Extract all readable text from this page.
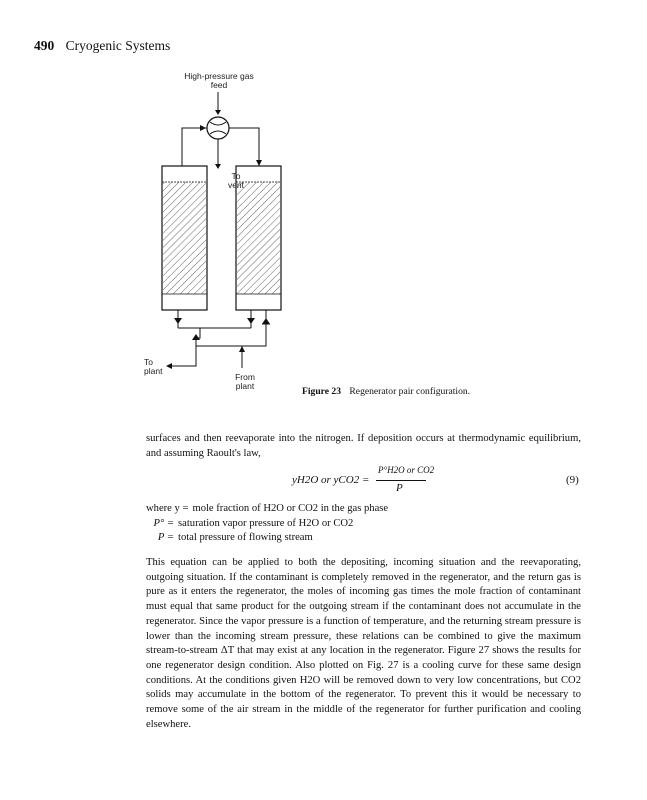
490 Cryogenic Systems
High-pressure gas
feed
To
vent
To
plant
From
plant	Figure 23 Regenerator pair configuration.
surfaces and then reevaporate into the nitrogen. If deposition occurs at thermodynamic equilibrium, and assuming Raoult's law,
yH2O or yCO2 =
P°H2O or CO2
P
(9)
where y = mole fraction of H2O or CO2 in the gas phase
P° = saturation vapor pressure of H2O or CO2
P = total pressure of flowing stream
This equation can be applied to both the depositing, incoming situation and the reevaporating, outgoing situation. If the contaminant is completely removed in the regenerator, and the return gas is pure as it enters the regenerator, the moles of incoming gas times the mole fraction of contaminant must equal that same product for the outgoing stream if the contaminant does not accumulate in the regenerator. Since the vapor pressure is a function of temperature, and the returning stream pressure is lower than the incoming stream pressure, these relations can be combined to give the maximum stream-to-stream ΔT that may exist at any location in the regenerator. Figure 27 shows the results for one regenerator design condition. Also plotted on Fig. 27 is a cooling curve for these same design conditions. At the conditions given H2O will be removed down to very low concentrations, but CO2 solids may accumulate in the bottom of the regenerator. To prevent this it would be necessary to remove some of the air stream in the middle of the regenerator for further purification and cooling elsewhere.
